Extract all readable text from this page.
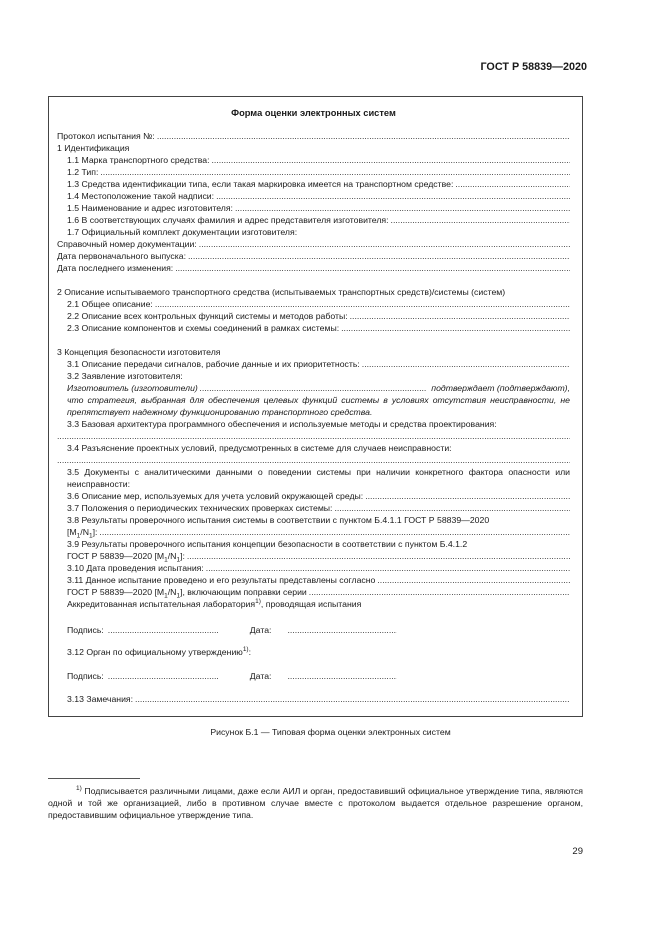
ГОСТ Р 58839—2020
Форма оценки электронных систем
Протокол испытания №:
.....
1 Идентификация
1.1 Марка транспортного средства:
.....
1.2 Тип:
.....
1.3 Средства идентификации типа, если такая маркировка имеется на транспортном средстве:
.....
1.4 Местоположение такой надписи:
.....
1.5 Наименование и адрес изготовителя:
.....
1.6 В соответствующих случаях фамилия и адрес представителя изготовителя:
.....
1.7 Официальный комплект документации изготовителя:
Справочный номер документации:
.....
Дата первоначального выпуска:
.....
Дата последнего изменения:
.....
2 Описание испытываемого транспортного средства (испытываемых транспортных средств)/системы (систем)
2.1 Общее описание:
.....
2.2 Описание всех контрольных функций системы и методов работы:
.....
2.3 Описание компонентов и схемы соединений в рамках системы:
.....
3 Концепция безопасности изготовителя
3.1 Описание передачи сигналов, рабочие данные и их приоритетность:
.....
3.2 Заявление изготовителя:
Изготовитель (изготовители) .....	подтверждает (подтверждают),
что стратегия, выбранная для обеспечения целевых функций системы в условиях отсутствия неисправности, не препятствует надежному функционированию транспортного средства.
3.3 Базовая архитектура программного обеспечения и используемые методы и средства проектирования:
.....
3.4 Разъяснение проектных условий, предусмотренных в системе для случаев неисправности:
.....
3.5 Документы с аналитическими данными о поведении системы при наличии конкретного фактора опасности или неисправности:
3.6 Описание мер, используемых для учета условий окружающей среды:
.....
3.7 Положения о периодических технических проверках системы:
.....
3.8 Результаты проверочного испытания системы в соответствии с пунктом Б.4.1.1 ГОСТ Р 58839—2020
$[M_1/N_1]$:
.....
3.9 Результаты проверочного испытания концепции безопасности в соответствии с пунктом Б.4.1.2
ГОСТ Р 58839—2020 $[M_1/N_1]$:
.....
3.10 Дата проведения испытания:
.....
3.11 Данное испытание проведено и его результаты представлены согласно
.....
ГОСТ Р 58839—2020 $[M_1/N_1]$, включающим поправки серии
.....
Аккредитованная испытательная лаборатория$^{1)}$, проводящая испытания
Подпись: .....	Дата:
.....
3.12 Орган по официальному утверждению$^{1)}$:
Подпись: .....	Дата:
.....
3.13 Замечания:
.....
Рисунок Б.1 — Типовая форма оценки электронных систем
$^{1)}$ Подписывается различными лицами, даже если АИЛ и орган, предоставивший официальное утверждение типа, являются одной и той же организацией, либо в противном случае вместе с протоколом выдается отдельное разрешение органом, предоставившим официальное утверждение типа.
29
